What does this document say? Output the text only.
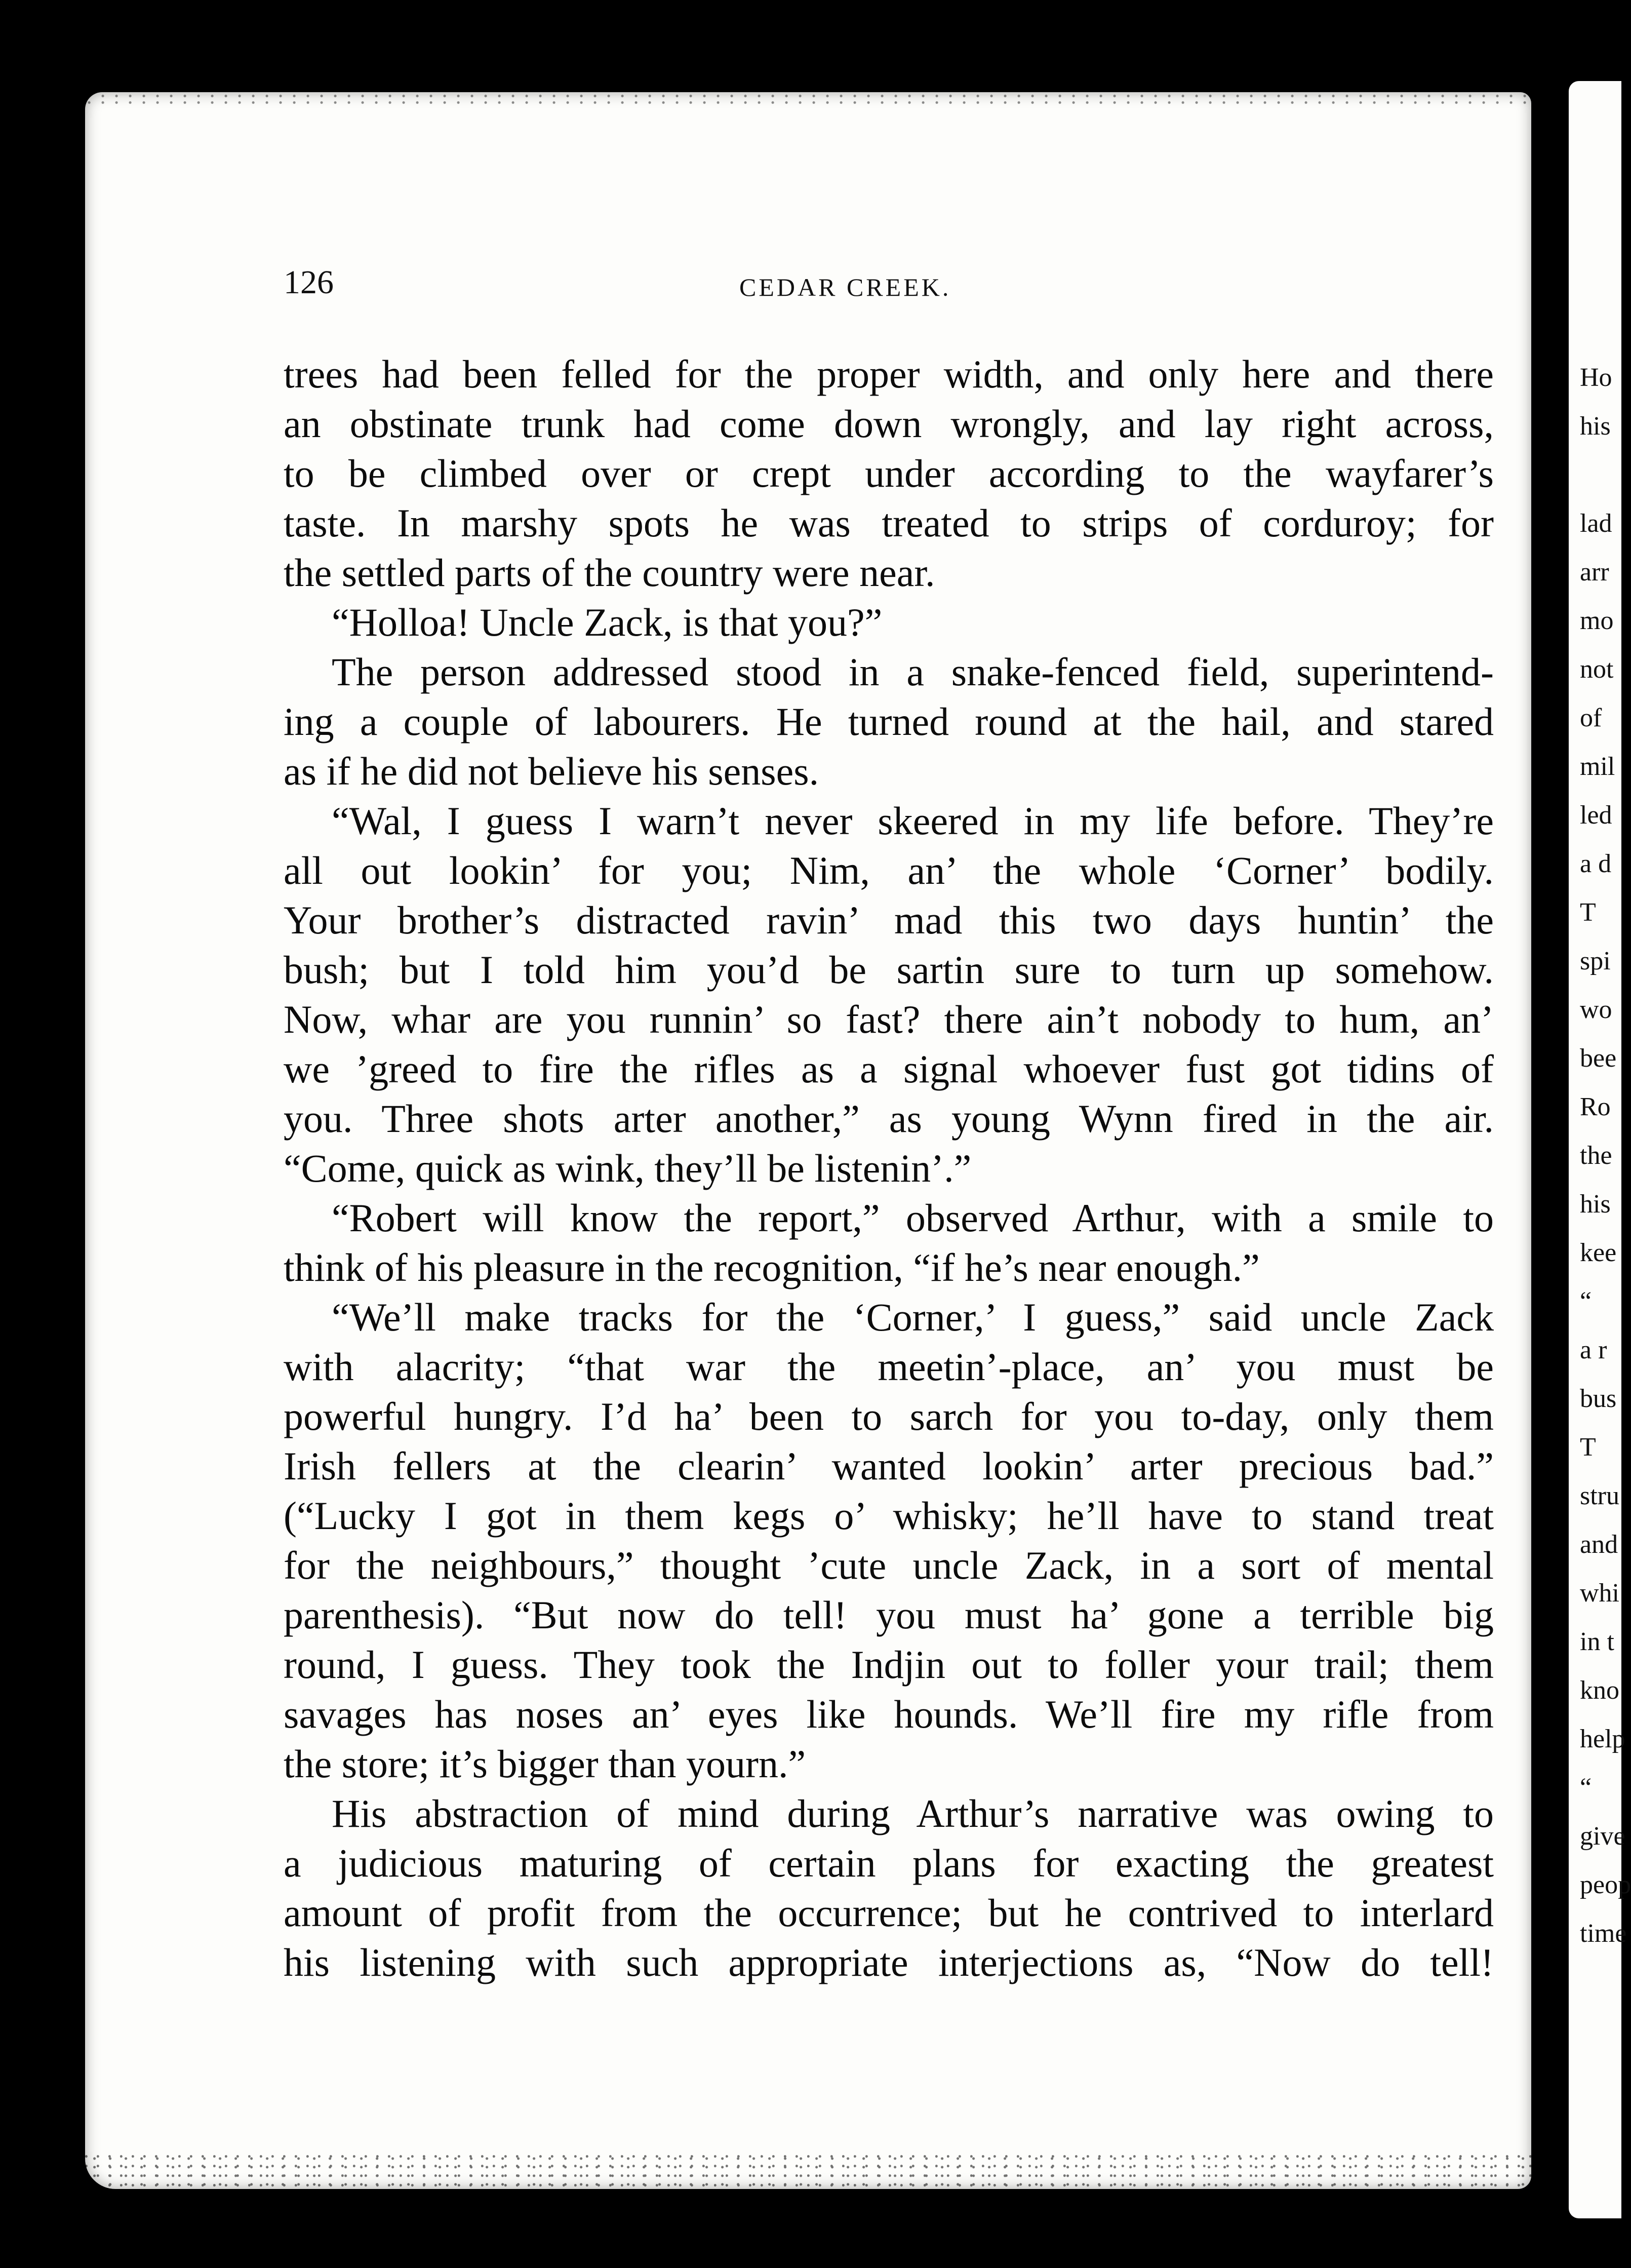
126	CEDAR CREEK.
trees had been felled for the proper width, and only here and there
an obstinate trunk had come down wrongly, and lay right across,
to be climbed over or crept under according to the wayfarer’s
taste. In marshy spots he was treated to strips of corduroy; for
the settled parts of the country were near.
“Holloa! Uncle Zack, is that you?”
The person addressed stood in a snake-fenced field, superintend-
ing a couple of labourers. He turned round at the hail, and stared
as if he did not believe his senses.
“Wal, I guess I warn’t never skeered in my life before. They’re
all out lookin’ for you; Nim, an’ the whole ‘Corner’ bodily.
Your brother’s distracted ravin’ mad this two days huntin’ the
bush; but I told him you’d be sartin sure to turn up somehow.
Now, whar are you runnin’ so fast? there ain’t nobody to hum, an’
we ’greed to fire the rifles as a signal whoever fust got tidins of
you. Three shots arter another,” as young Wynn fired in the air.
“Come, quick as wink, they’ll be listenin’.”
“Robert will know the report,” observed Arthur, with a smile to
think of his pleasure in the recognition, “if he’s near enough.”
“We’ll make tracks for the ‘Corner,’ I guess,” said uncle Zack
with alacrity; “that war the meetin’-place, an’ you must be
powerful hungry. I’d ha’ been to sarch for you to-day, only them
Irish fellers at the clearin’ wanted lookin’ arter precious bad.”
(“Lucky I got in them kegs o’ whisky; he’ll have to stand treat
for the neighbours,” thought ’cute uncle Zack, in a sort of mental
parenthesis). “But now do tell! you must ha’ gone a terrible big
round, I guess. They took the Indjin out to foller your trail; them
savages has noses an’ eyes like hounds. We’ll fire my rifle from
the store; it’s bigger than yourn.”
His abstraction of mind during Arthur’s narrative was owing to
a judicious maturing of certain plans for exacting the greatest
amount of profit from the occurrence; but he contrived to interlard
his listening with such appropriate interjections as, “Now do tell!
Ho
his
lad
arr
mo
not
of
mil
led
a d
T
spi
wo
bee
Ro
the
his
kee
“
a r
bus
T
stru
and
whi
in t
kno
help
“
give
peop
time
